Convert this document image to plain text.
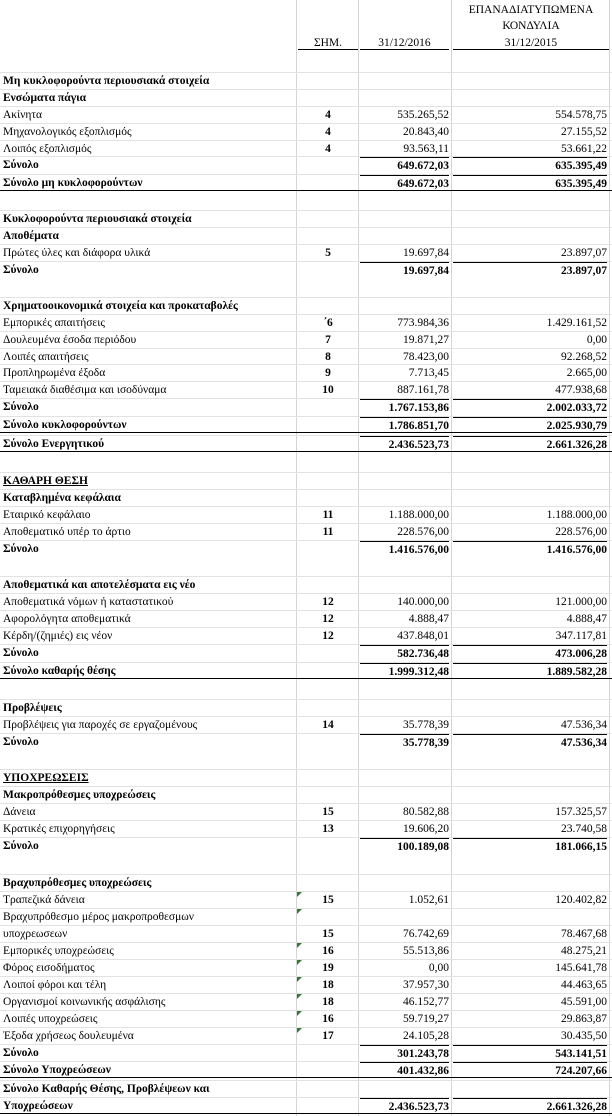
ΕΠΑΝΑΔΙΑΤΥΠΩΜΕΝΑ
ΚΟΝΔΥΛΙΑ
ΣΗΜ.	31/12/2016	31/12/2015
Μη κυκλοφορούντα περιουσιακά στοιχεία
Ενσώματα πάγια
Ακίνητα	4	535.265,52	554.578,75
Μηχανολογικός εξοπλισμός	4	20.843,40	27.155,52
Λοιπός εξοπλισμός	4	93.563,11	53.661,22
Σύνολο	649.672,03	635.395,49
Σύνολο μη κυκλοφορούντων	649.672,03	635.395,49
Κυκλοφορούντα περιουσιακά στοιχεία
Αποθέματα
Πρώτες ύλες και διάφορα υλικά	5	19.697,84	23.897,07
Σύνολο	19.697,84	23.897,07
Χρηματοοικονομικά στοιχεία και προκαταβολές
Εμπορικές απαιτήσεις	΄6	773.984,36	1.429.161,52
Δουλευμένα έσοδα περιόδου	7	19.871,27	0,00
Λοιπές απαιτήσεις	8	78.423,00	92.268,52
Προπληρωμένα έξοδα	9	7.713,45	2.665,00
Ταμειακά διαθέσιμα και ισοδύναμα	10	887.161,78	477.938,68
Σύνολο	1.767.153,86	2.002.033,72
Σύνολο κυκλοφορούντων	1.786.851,70	2.025.930,79
Σύνολο Ενεργητικού	2.436.523,73	2.661.326,28
ΚΑΘΑΡΗ ΘΕΣΗ
Καταβλημένα κεφάλαια
Εταιρικό κεφάλαιο	11	1.188.000,00	1.188.000,00
Αποθεματικό υπέρ το άρτιο	11	228.576,00	228.576,00
Σύνολο	1.416.576,00	1.416.576,00
Αποθεματικά και αποτελέσματα εις νέο
Αποθεματικά νόμων ή καταστατικού	12	140.000,00	121.000,00
Αφορολόγητα αποθεματικά	12	4.888,47	4.888,47
Κέρδη/(ζημιές) εις νέον	12	437.848,01	347.117,81
Σύνολο	582.736,48	473.006,28
Σύνολο καθαρής θέσης	1.999.312,48	1.889.582,28
Προβλέψεις
Προβλέψεις για παροχές σε εργαζομένους	14	35.778,39	47.536,34
Σύνολο	35.778,39	47.536,34
ΥΠΟΧΡΕΩΣΕΙΣ
Μακροπρόθεσμες υποχρεώσεις
Δάνεια	15	80.582,88	157.325,57
Κρατικές επιχορηγήσεις	13	19.606,20	23.740,58
Σύνολο	100.189,08	181.066,15
Βραχυπρόθεσμες υποχρεώσεις
Τραπεζικά δάνεια	15	1.052,61	120.402,82
Βραχυπρόθεσμο μέρος μακροπροθεσμων
υποχρεωσεων	15	76.742,69	78.467,68
Εμπορικές υποχρεώσεις	16	55.513,86	48.275,21
Φόρος εισοδήματος	19	0,00	145.641,78
Λοιποί φόροι και τέλη	18	37.957,30	44.463,65
Οργανισμοί κοινωνικής ασφάλισης	18	46.152,77	45.591,00
Λοιπές υποχρεώσεις	16	59.719,27	29.863,87
Έξοδα χρήσεως δουλευμένα	17	24.105,28	30.435,50
Σύνολο	301.243,78	543.141,51
Σύνολο Υποχρεώσεων	401.432,86	724.207,66
Σύνολο Καθαρής Θέσης, Προβλέψεων και
Υποχρεώσεων	2.436.523,73	2.661.326,28
